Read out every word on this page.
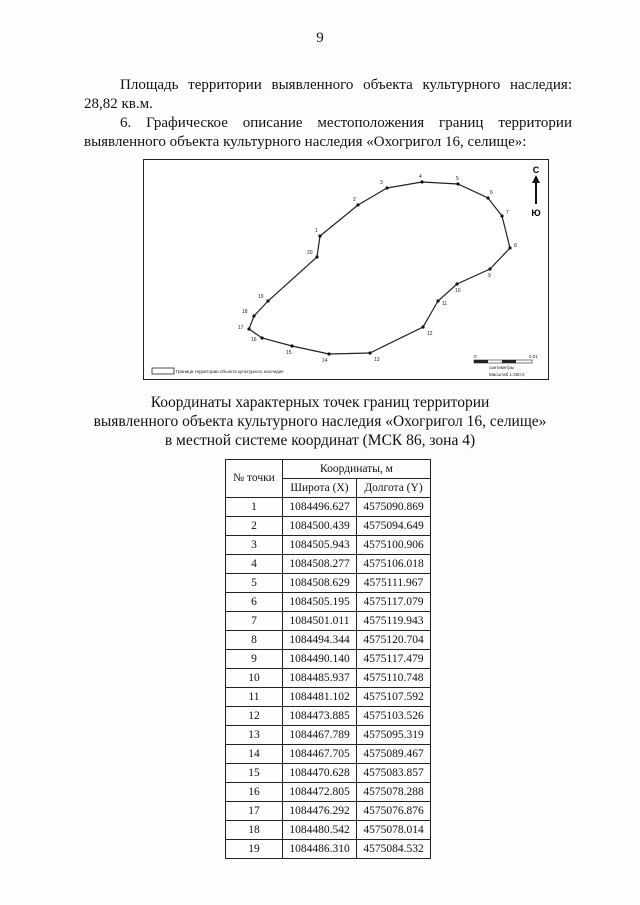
9
Площадь территории выявленного объекта культурного наследия: 28,82 кв.м.
6. Графическое описание местоположения границ территории выявленного объекта культурного наследия «Охогригол 16, селище»:
1
2
3
4	5
6
7
8
9
10
11
12
13
14
15
16
17
18
19
20
С
Ю
Граница территории объекта культурного наследия
0	0,01
сантиметры
Масштаб 1:250,0
Координаты характерных точек границ территории
выявленного объекта культурного наследия «Охогригол 16, селище»
в местной системе координат (МСК 86, зона 4)
№ точки	Координаты, м	
	Широта (X)	Долгота (Y)
1	1084496.627	4575090.869
2	1084500.439	4575094.649
3	1084505.943	4575100.906
4	1084508.277	4575106.018
5	1084508.629	4575111.967
6	1084505.195	4575117.079
7	1084501.011	4575119.943
8	1084494.344	4575120.704
9	1084490.140	4575117.479
10	1084485.937	4575110.748
11	1084481.102	4575107.592
12	1084473.885	4575103.526
13	1084467.789	4575095.319
14	1084467.705	4575089.467
15	1084470.628	4575083.857
16	1084472.805	4575078.288
17	1084476.292	4575076.876
18	1084480.542	4575078.014
19	1084486.310	4575084.532
